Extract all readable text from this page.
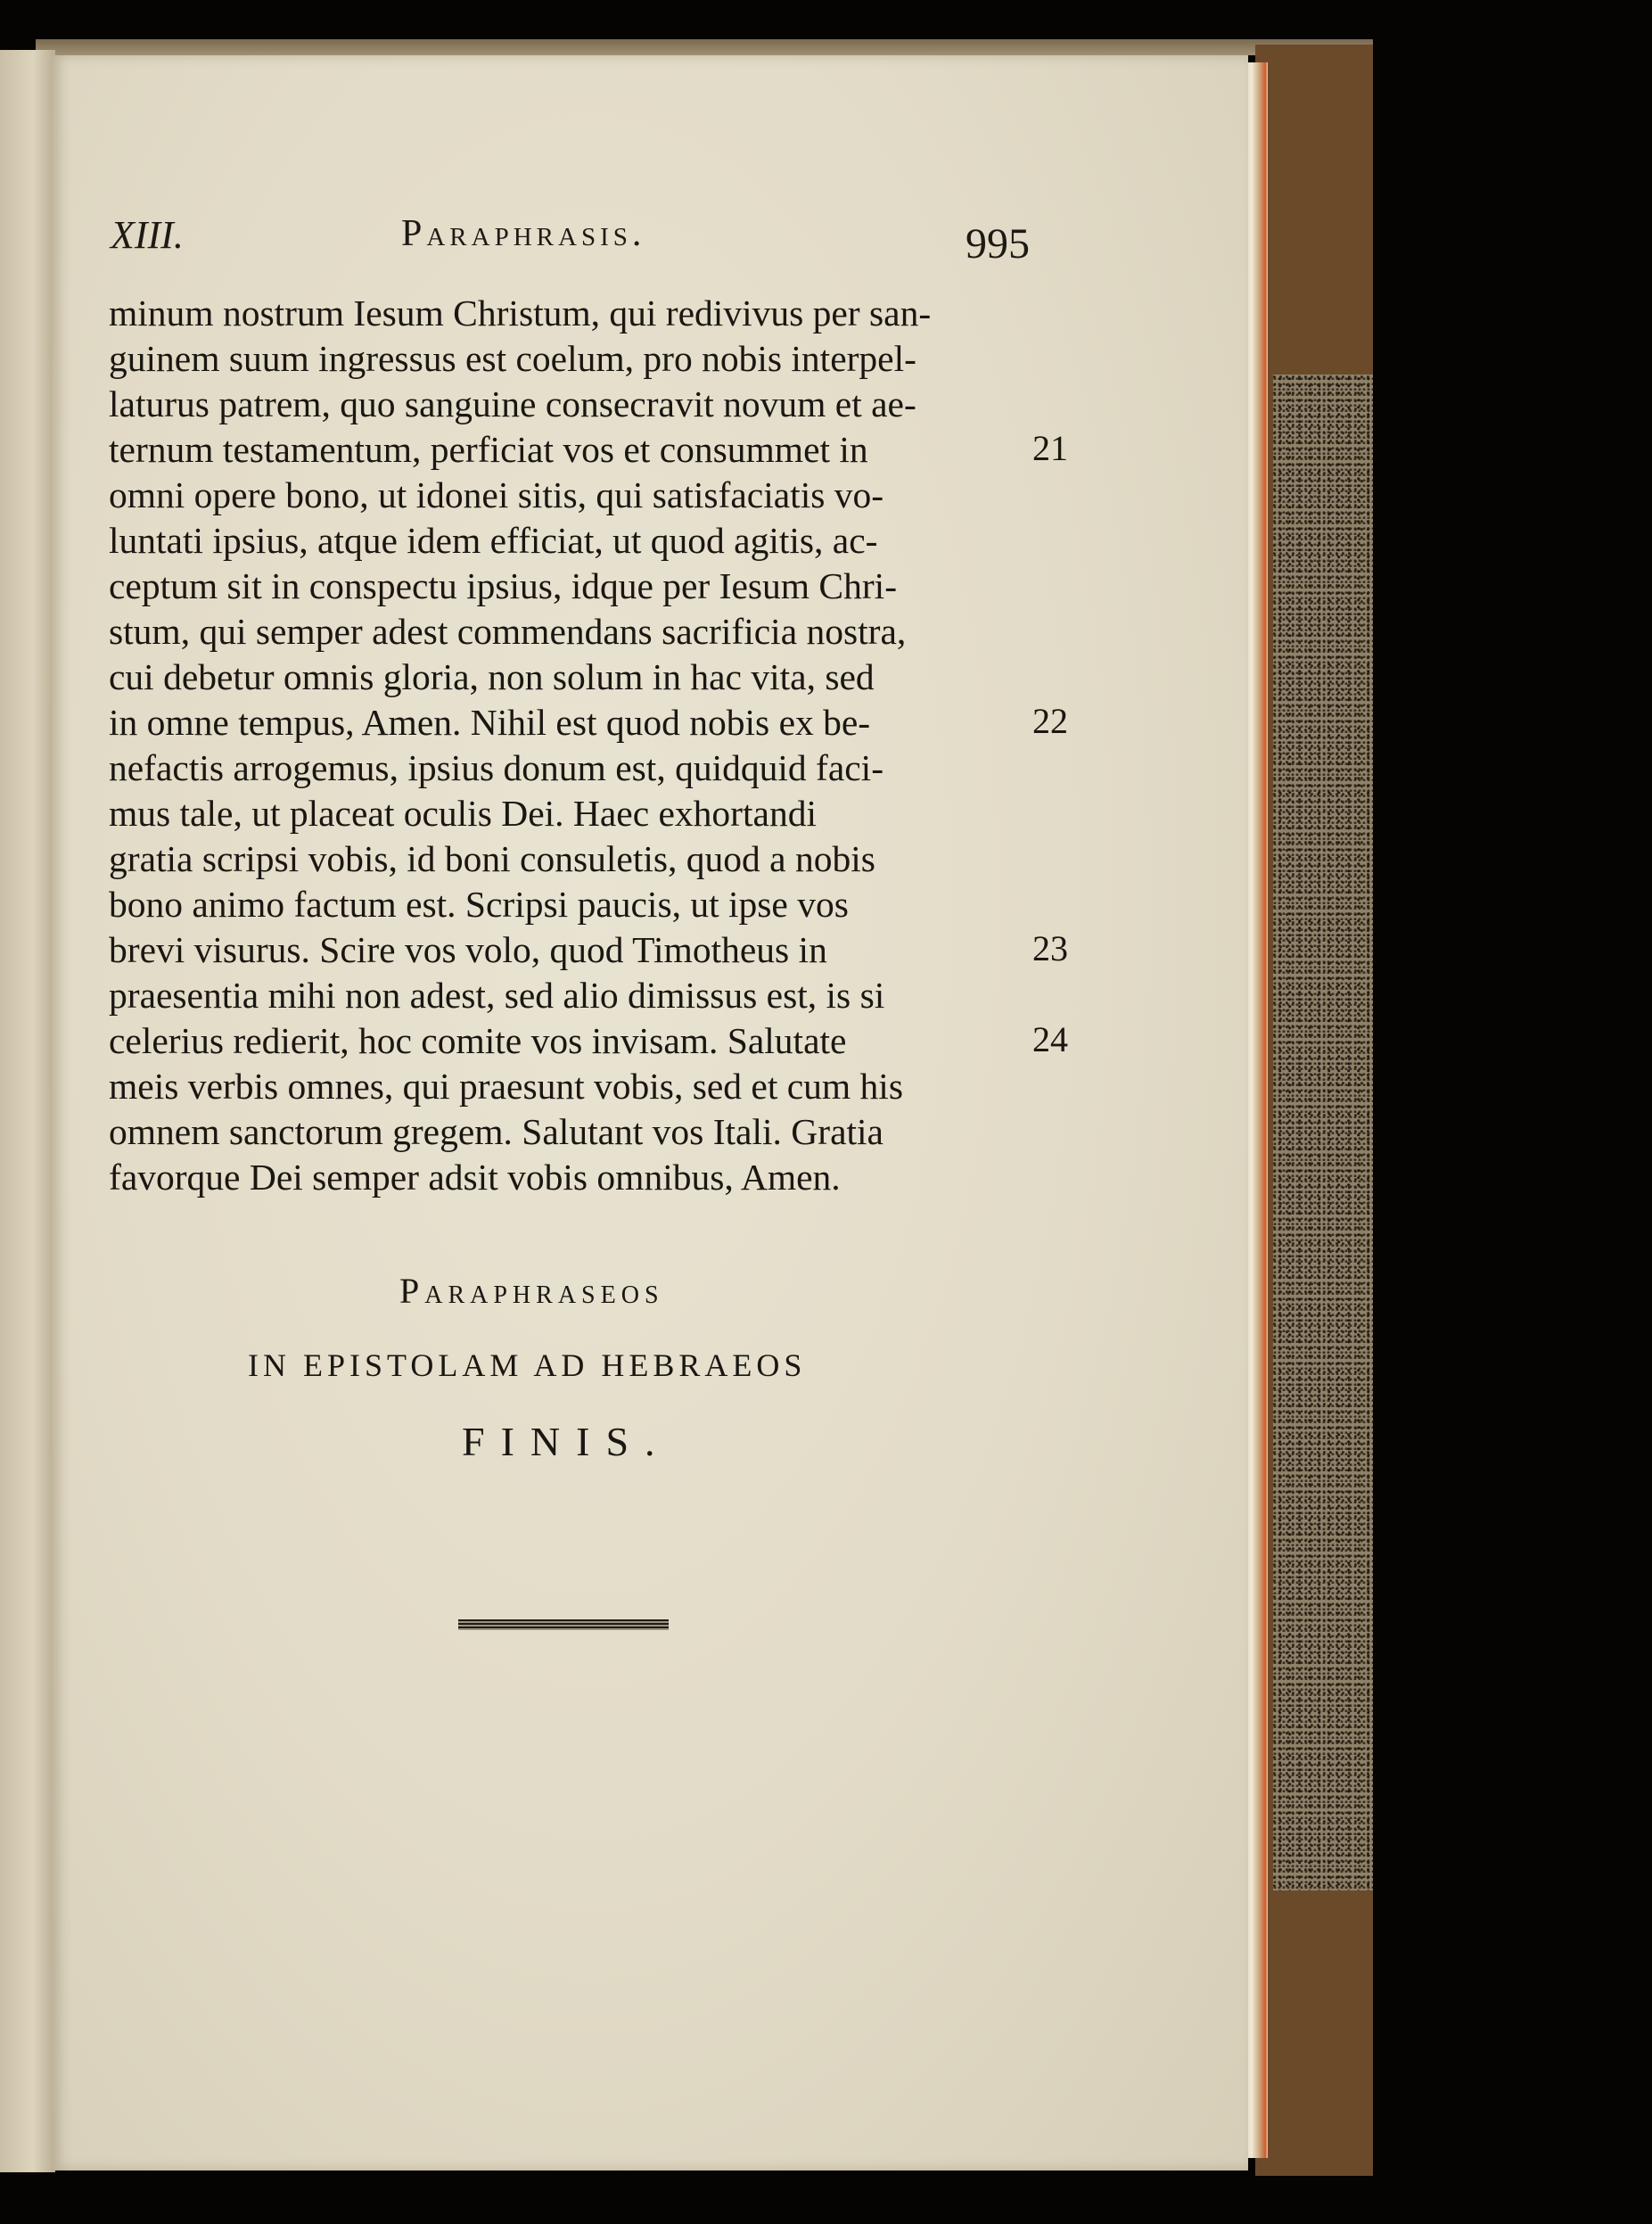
XIII.	Paraphrasis.	995
minum nostrum Iesum Christum, qui redivivus per san-
guinem suum ingressus est coelum, pro nobis interpel-
laturus patrem, quo sanguine consecravit novum et ae-
ternum testamentum, perficiat vos et consummet in
omni opere bono, ut idonei sitis, qui satisfaciatis vo-
luntati ipsius, atque idem efficiat, ut quod agitis, ac-
ceptum sit in conspectu ipsius, idque per Iesum Chri-
stum, qui semper adest commendans sacrificia nostra,
cui debetur omnis gloria, non solum in hac vita, sed
in omne tempus, Amen. Nihil est quod nobis ex be-
nefactis arrogemus, ipsius donum est, quidquid faci-
mus tale, ut placeat oculis Dei. Haec exhortandi
gratia scripsi vobis, id boni consuletis, quod a nobis
bono animo factum est. Scripsi paucis, ut ipse vos
brevi visurus. Scire vos volo, quod Timotheus in
praesentia mihi non adest, sed alio dimissus est, is si
celerius redierit, hoc comite vos invisam. Salutate
meis verbis omnes, qui praesunt vobis, sed et cum his
omnem sanctorum gregem. Salutant vos Itali. Gratia
favorque Dei semper adsit vobis omnibus, Amen.
21
22
23
24
Paraphraseos
IN EPISTOLAM AD HEBRAEOS
FINIS.
